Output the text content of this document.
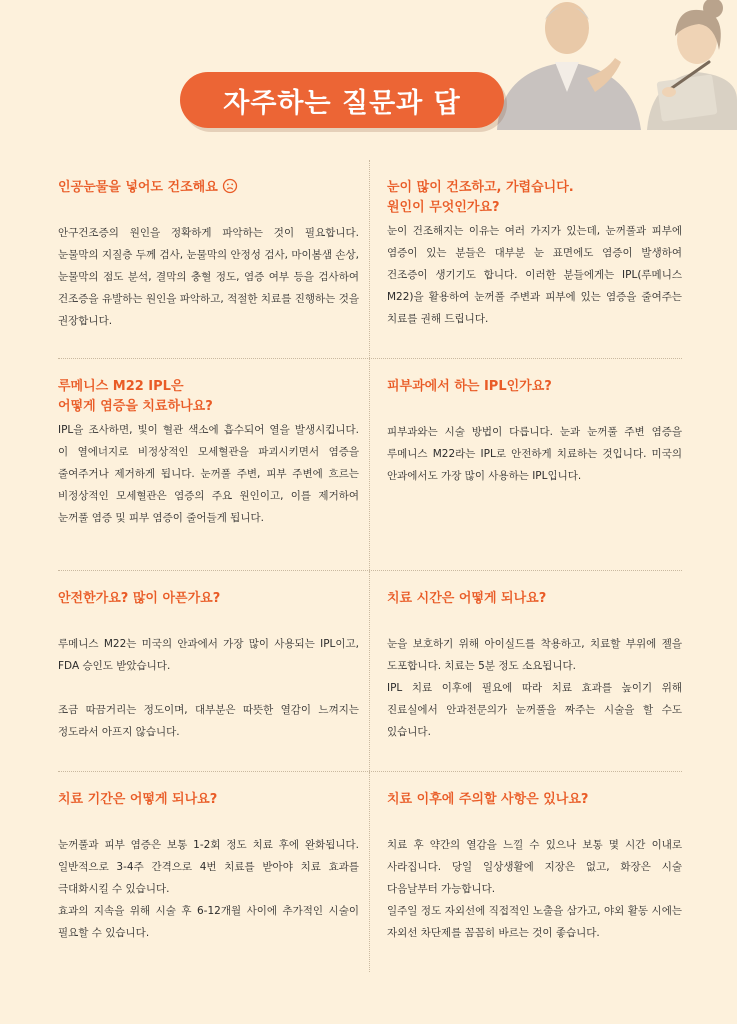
자주하는 질문과 답

인공눈물을 넣어도 건조해요

안구건조증의 원인을 정확하게 파악하는 것이 필요합니다. 눈물막의 지질층 두께 검사, 눈물막의 안정성 검사, 마이봄샘 손상, 눈물막의 점도 분석, 결막의 충혈 정도, 염증 여부 등을 검사하여 건조증을 유발하는 원인을 파악하고, 적절한 치료를 진행하는 것을 권장합니다.

눈이 많이 건조하고, 가렵습니다.
원인이 무엇인가요?

눈이 건조해지는 이유는 여러 가지가 있는데, 눈꺼풀과 피부에 염증이 있는 분들은 대부분 눈 표면에도 염증이 발생하여 건조증이 생기기도 합니다. 이러한 분들에게는 IPL(루메니스 M22)을 활용하여 눈꺼풀 주변과 피부에 있는 염증을 줄여주는 치료를 권해 드립니다.

루메니스 M22 IPL은
어떻게 염증을 치료하나요?

IPL을 조사하면, 빛이 혈관 색소에 흡수되어 열을 발생시킵니다. 이 열에너지로 비정상적인 모세혈관을 파괴시키면서 염증을 줄여주거나 제거하게 됩니다. 눈꺼풀 주변, 피부 주변에 흐르는 비정상적인 모세혈관은 염증의 주요 원인이고, 이를 제거하여 눈꺼풀 염증 및 피부 염증이 줄어들게 됩니다.

피부과에서 하는 IPL인가요?

피부과와는 시술 방법이 다릅니다. 눈과 눈꺼풀 주변 염증을 루메니스 M22라는 IPL로 안전하게 치료하는 것입니다. 미국의 안과에서도 가장 많이 사용하는 IPL입니다.

안전한가요? 많이 아픈가요?

루메니스 M22는 미국의 안과에서 가장 많이 사용되는 IPL이고, FDA 승인도 받았습니다.

조금 따끔거리는 정도이며, 대부분은 따뜻한 열감이 느껴지는 정도라서 아프지 않습니다.

치료 시간은 어떻게 되나요?

눈을 보호하기 위해 아이실드를 착용하고, 치료할 부위에 젤을 도포합니다. 치료는 5분 정도 소요됩니다.

IPL 치료 이후에 필요에 따라 치료 효과를 높이기 위해 진료실에서 안과전문의가 눈꺼풀을 짜주는 시술을 할 수도 있습니다.

치료 기간은 어떻게 되나요?

눈꺼풀과 피부 염증은 보통 1-2회 정도 치료 후에 완화됩니다. 일반적으로 3-4주 간격으로 4번 치료를 받아야 치료 효과를 극대화시킬 수 있습니다.

효과의 지속을 위해 시술 후 6-12개월 사이에 추가적인 시술이 필요할 수 있습니다.

치료 이후에 주의할 사항은 있나요?

치료 후 약간의 열감을 느낄 수 있으나 보통 몇 시간 이내로 사라집니다. 당일 일상생활에 지장은 없고, 화장은 시술 다음날부터 가능합니다.

일주일 정도 자외선에 직접적인 노출을 삼가고, 야외 활동 시에는 자외선 차단제를 꼼꼼히 바르는 것이 좋습니다.
